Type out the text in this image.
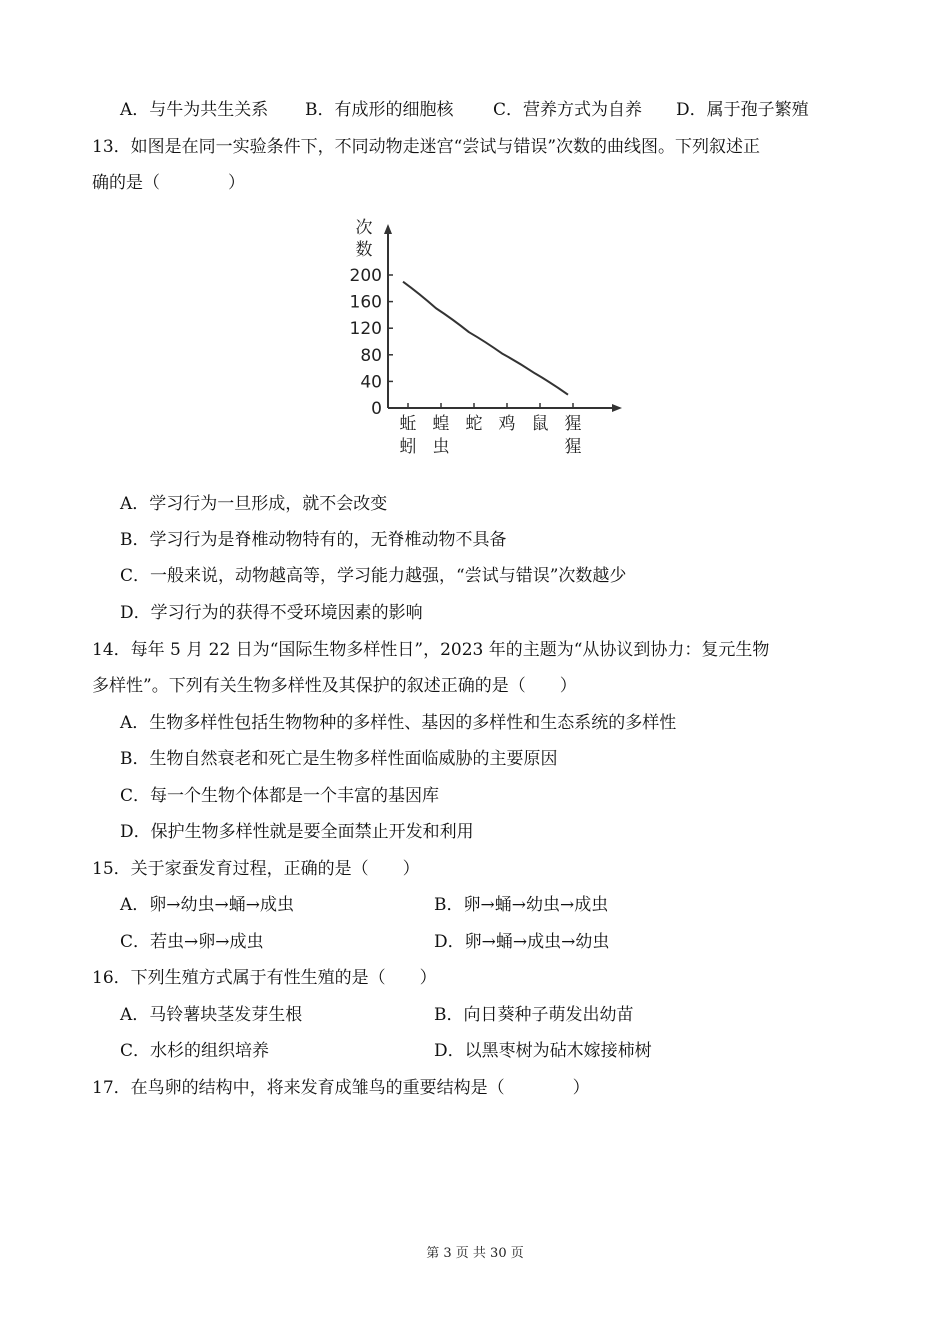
A．与牛为共生关系 B．有成形的细胞核 C．营养方式为自养 D．属于孢子繁殖
13．如图是在同一实验条件下，不同动物走迷宫“尝试与错误”次数的曲线图。下列叙述正
确的是（　　　　）
次
数
0
40
80
120
160
200
蚯
蚓
蝗
虫
蛇 鸡 鼠 猩
猩
A．学习行为一旦形成，就不会改变
B．学习行为是脊椎动物特有的，无脊椎动物不具备
C．一般来说，动物越高等，学习能力越强，“尝试与错误”次数越少
D．学习行为的获得不受环境因素的影响
14．每年 5 月 22 日为“国际生物多样性日”，2023 年的主题为“从协议到协力：复元生物
多样性”。下列有关生物多样性及其保护的叙述正确的是（　　）
A．生物多样性包括生物物种的多样性、基因的多样性和生态系统的多样性
B．生物自然衰老和死亡是生物多样性面临威胁的主要原因
C．每一个生物个体都是一个丰富的基因库
D．保护生物多样性就是要全面禁止开发和利用
15．关于家蚕发育过程，正确的是（　　）
A．卵→幼虫→蛹→成虫	B．卵→蛹→幼虫→成虫
C．若虫→卵→成虫	D．卵→蛹→成虫→幼虫
16．下列生殖方式属于有性生殖的是（　　）
A．马铃薯块茎发芽生根	B．向日葵种子萌发出幼苗
C．水杉的组织培养	D．以黑枣树为砧木嫁接柿树
17．在鸟卵的结构中，将来发育成雏鸟的重要结构是（　　　　）
第 3 页 共 30 页
